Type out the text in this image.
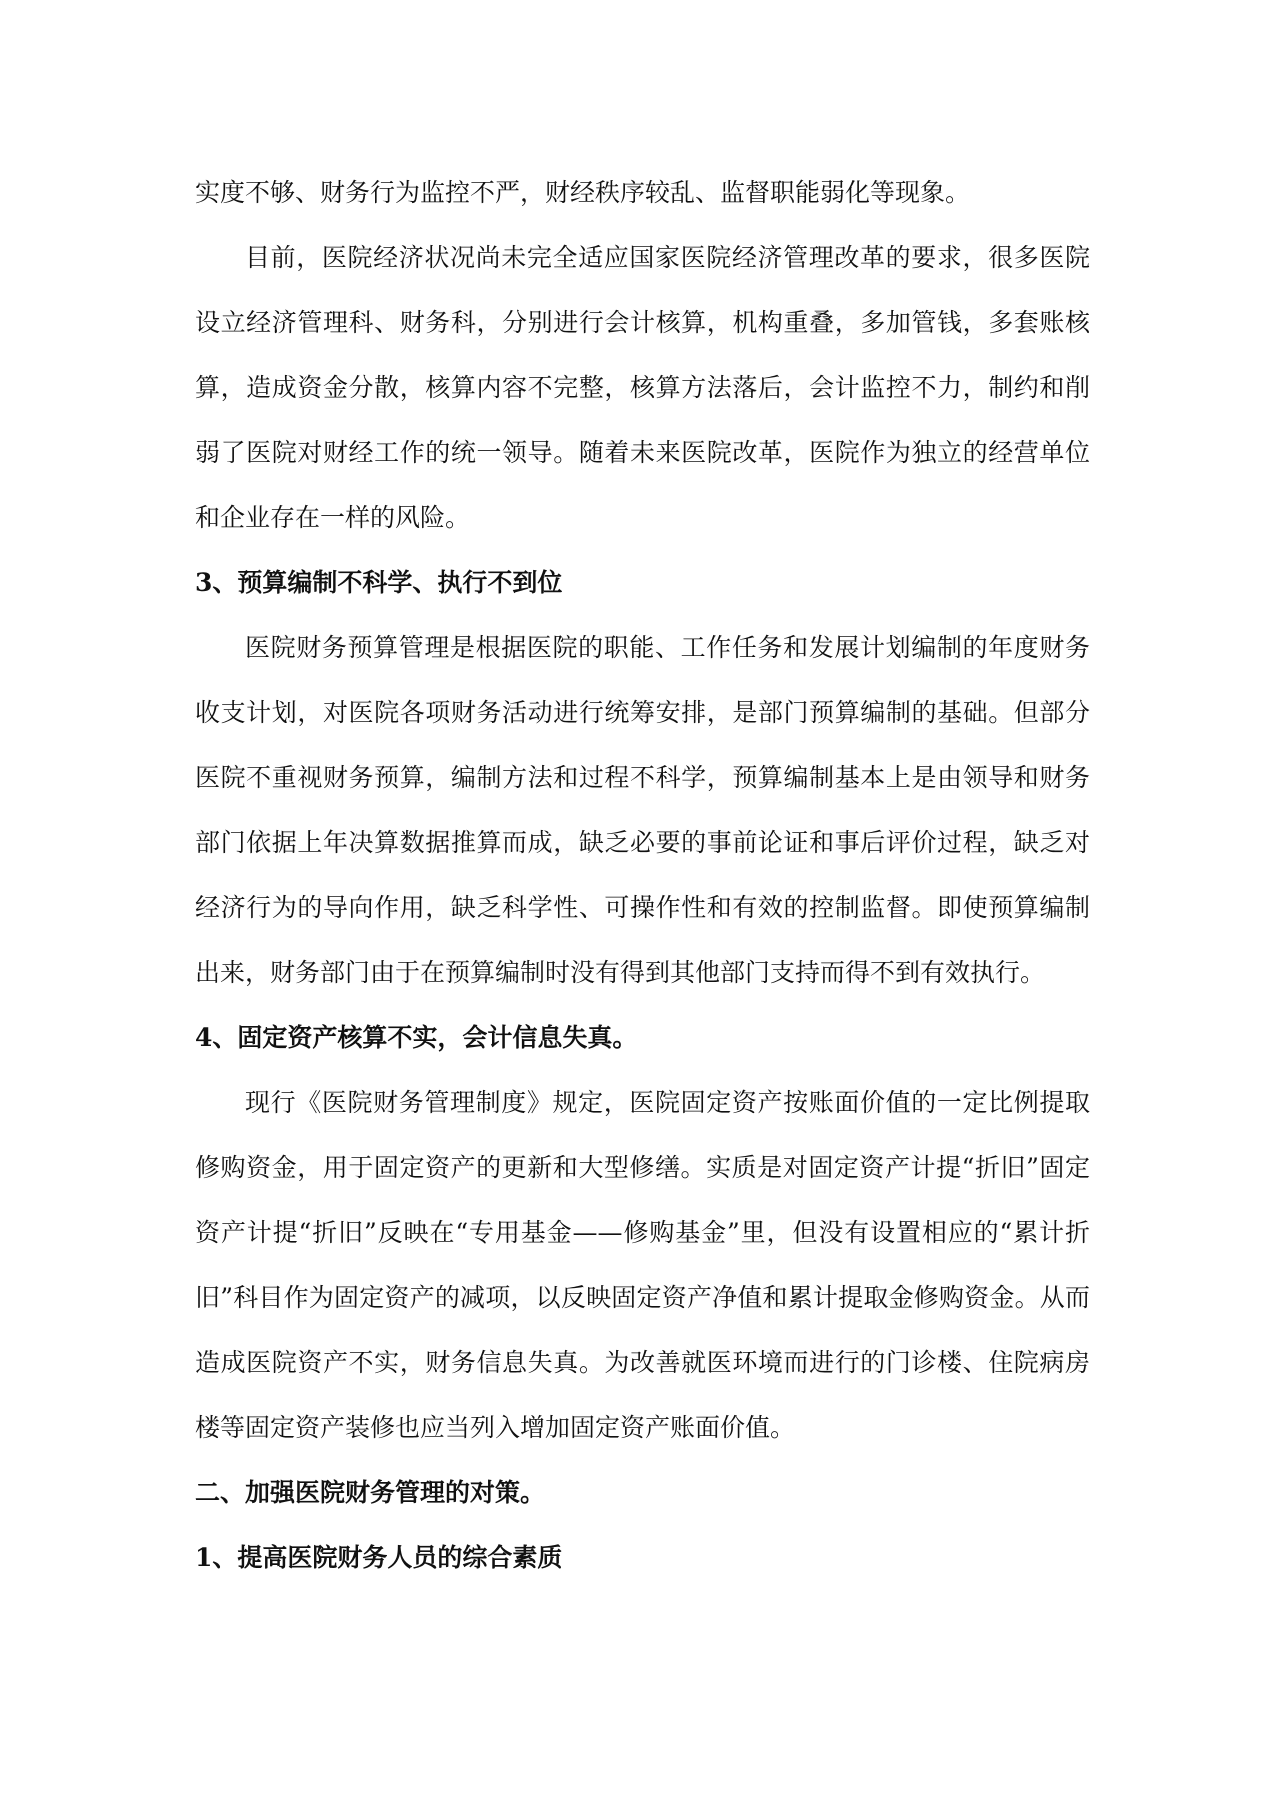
实度不够、财务行为监控不严，财经秩序较乱、监督职能弱化等现象。

目前，医院经济状况尚未完全适应国家医院经济管理改革的要求，很多医院设立经济管理科、财务科，分别进行会计核算，机构重叠，多加管钱，多套账核算，造成资金分散，核算内容不完整，核算方法落后，会计监控不力，制约和削弱了医院对财经工作的统一领导。随着未来医院改革，医院作为独立的经营单位和企业存在一样的风险。

3、预算编制不科学、执行不到位

医院财务预算管理是根据医院的职能、工作任务和发展计划编制的年度财务收支计划，对医院各项财务活动进行统筹安排，是部门预算编制的基础。但部分医院不重视财务预算，编制方法和过程不科学，预算编制基本上是由领导和财务部门依据上年决算数据推算而成，缺乏必要的事前论证和事后评价过程，缺乏对经济行为的导向作用，缺乏科学性、可操作性和有效的控制监督。即使预算编制出来，财务部门由于在预算编制时没有得到其他部门支持而得不到有效执行。

4、固定资产核算不实，会计信息失真。

现行《医院财务管理制度》规定，医院固定资产按账面价值的一定比例提取修购资金，用于固定资产的更新和大型修缮。实质是对固定资产计提“折旧”固定资产计提“折旧”反映在“专用基金——修购基金”里，但没有设置相应的“累计折旧”科目作为固定资产的减项，以反映固定资产净值和累计提取金修购资金。从而造成医院资产不实，财务信息失真。为改善就医环境而进行的门诊楼、住院病房楼等固定资产装修也应当列入增加固定资产账面价值。

二、加强医院财务管理的对策。

1、提高医院财务人员的综合素质
